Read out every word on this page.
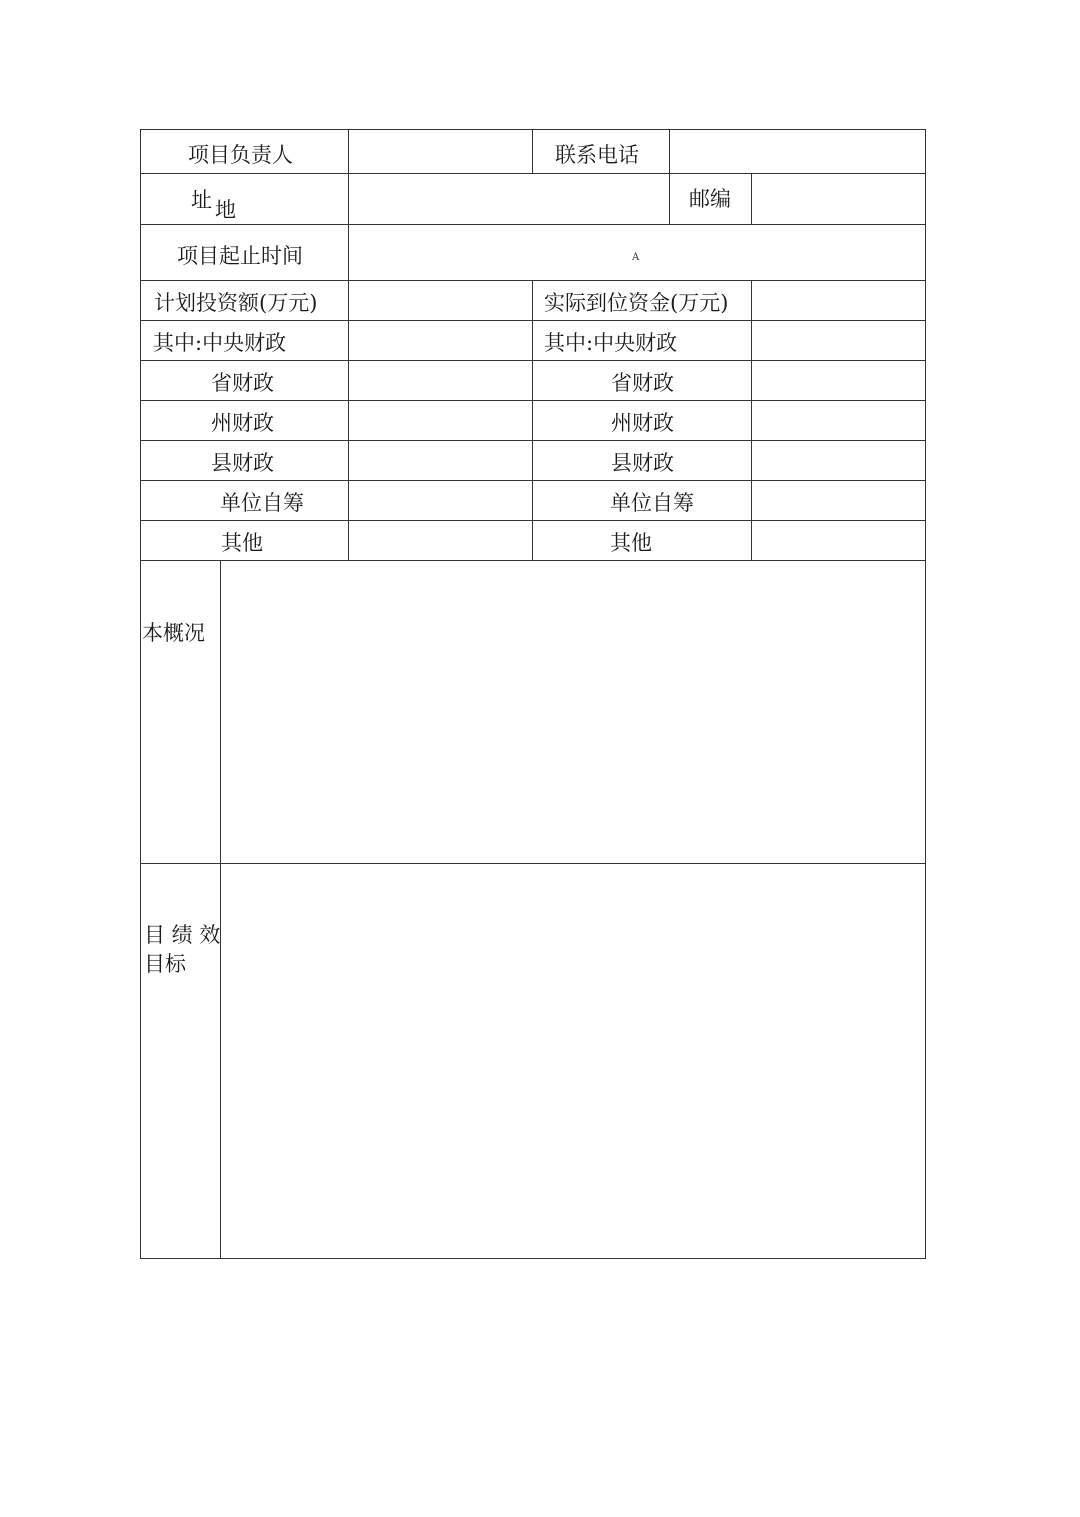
项目负责人	联系电话
址 地	邮编
项目起止时间	A
计划投资额(万元)	实际到位资金(万元)
其中:中央财政	其中:中央财政
省财政	省财政
州财政	州财政
县财政	县财政
单位自筹	单位自筹
其他	其他
本概况
目 绩 效
目标
